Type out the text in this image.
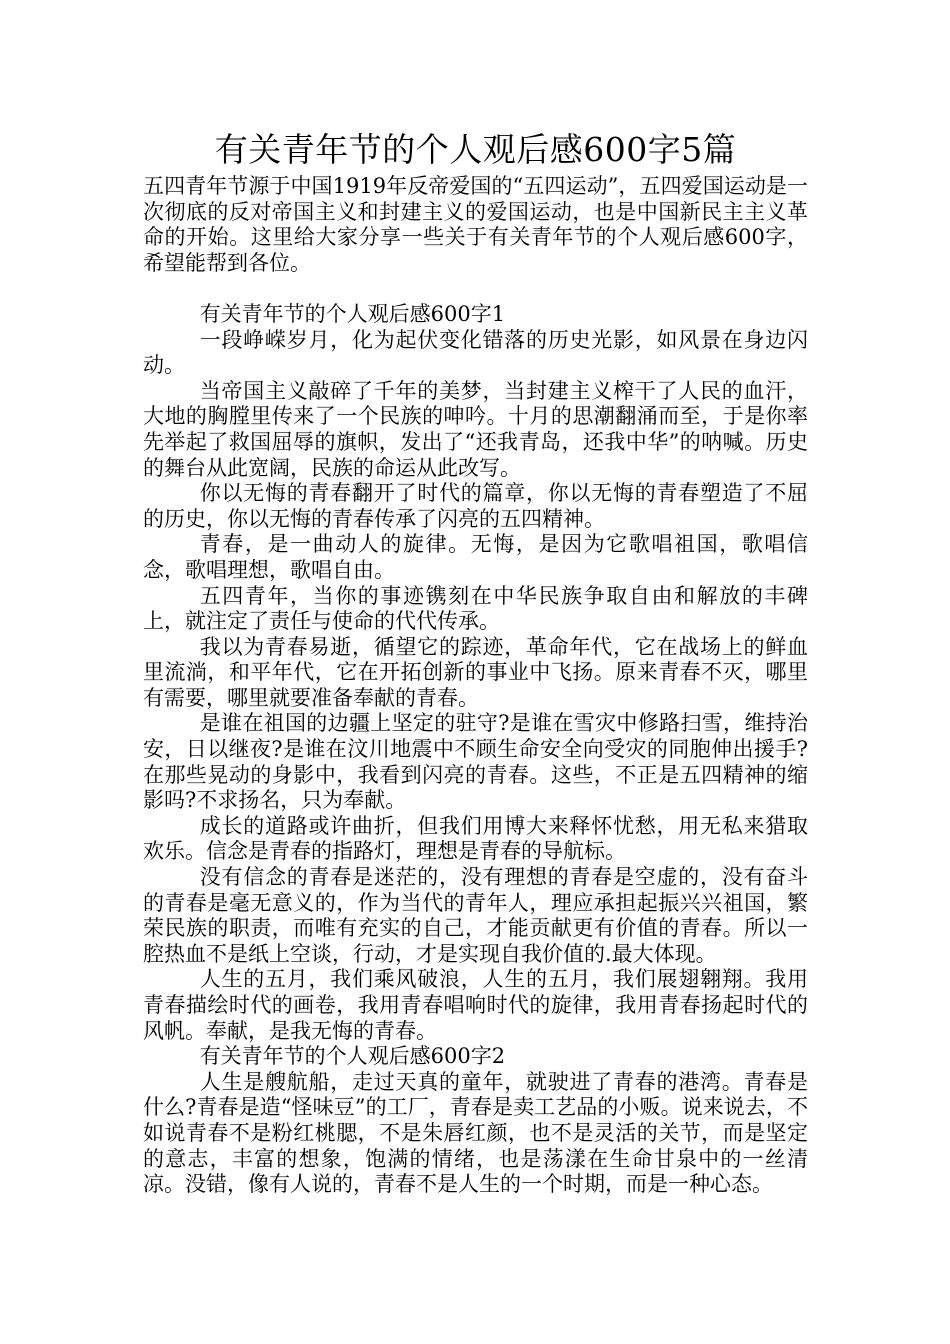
有关青年节的个人观后感600字5篇

五四青年节源于中国1919年反帝爱国的“五四运动”，五四爱国运动是一次彻底的反对帝国主义和封建主义的爱国运动，也是中国新民主主义革命的开始。这里给大家分享一些关于有关青年节的个人观后感600字，希望能帮到各位。

有关青年节的个人观后感600字1

一段峥嵘岁月，化为起伏变化错落的历史光影，如风景在身边闪动。

当帝国主义敲碎了千年的美梦，当封建主义榨干了人民的血汗，大地的胸膛里传来了一个民族的呻吟。十月的思潮翻涌而至，于是你率先举起了救国屈辱的旗帜，发出了“还我青岛，还我中华”的呐喊。历史的舞台从此宽阔，民族的命运从此改写。

你以无悔的青春翻开了时代的篇章，你以无悔的青春塑造了不屈的历史，你以无悔的青春传承了闪亮的五四精神。

青春，是一曲动人的旋律。无悔，是因为它歌唱祖国，歌唱信念，歌唱理想，歌唱自由。

五四青年，当你的事迹镌刻在中华民族争取自由和解放的丰碑上，就注定了责任与使命的代代传承。

我以为青春易逝，循望它的踪迹，革命年代，它在战场上的鲜血里流淌，和平年代，它在开拓创新的事业中飞扬。原来青春不灭，哪里有需要，哪里就要准备奉献的青春。

是谁在祖国的边疆上坚定的驻守?是谁在雪灾中修路扫雪，维持治安，日以继夜?是谁在汶川地震中不顾生命安全向受灾的同胞伸出援手?在那些晃动的身影中，我看到闪亮的青春。这些，不正是五四精神的缩影吗?不求扬名，只为奉献。

成长的道路或许曲折，但我们用博大来释怀忧愁，用无私来猎取欢乐。信念是青春的指路灯，理想是青春的导航标。

没有信念的青春是迷茫的，没有理想的青春是空虚的，没有奋斗的青春是毫无意义的，作为当代的青年人，理应承担起振兴兴祖国，繁荣民族的职责，而唯有充实的自己，才能贡献更有价值的青春。所以一腔热血不是纸上空谈，行动，才是实现自我价值的.最大体现。

人生的五月，我们乘风破浪，人生的五月，我们展翅翱翔。我用青春描绘时代的画卷，我用青春唱响时代的旋律，我用青春扬起时代的风帆。奉献，是我无悔的青春。

有关青年节的个人观后感600字2

人生是艘航船，走过天真的童年，就驶进了青春的港湾。青春是什么?青春是造“怪味豆”的工厂，青春是卖工艺品的小贩。说来说去，不如说青春不是粉红桃腮，不是朱唇红颜，也不是灵活的关节，而是坚定的意志，丰富的想象，饱满的情绪，也是荡漾在生命甘泉中的一丝清凉。没错，像有人说的，青春不是人生的一个时期，而是一种心态。
